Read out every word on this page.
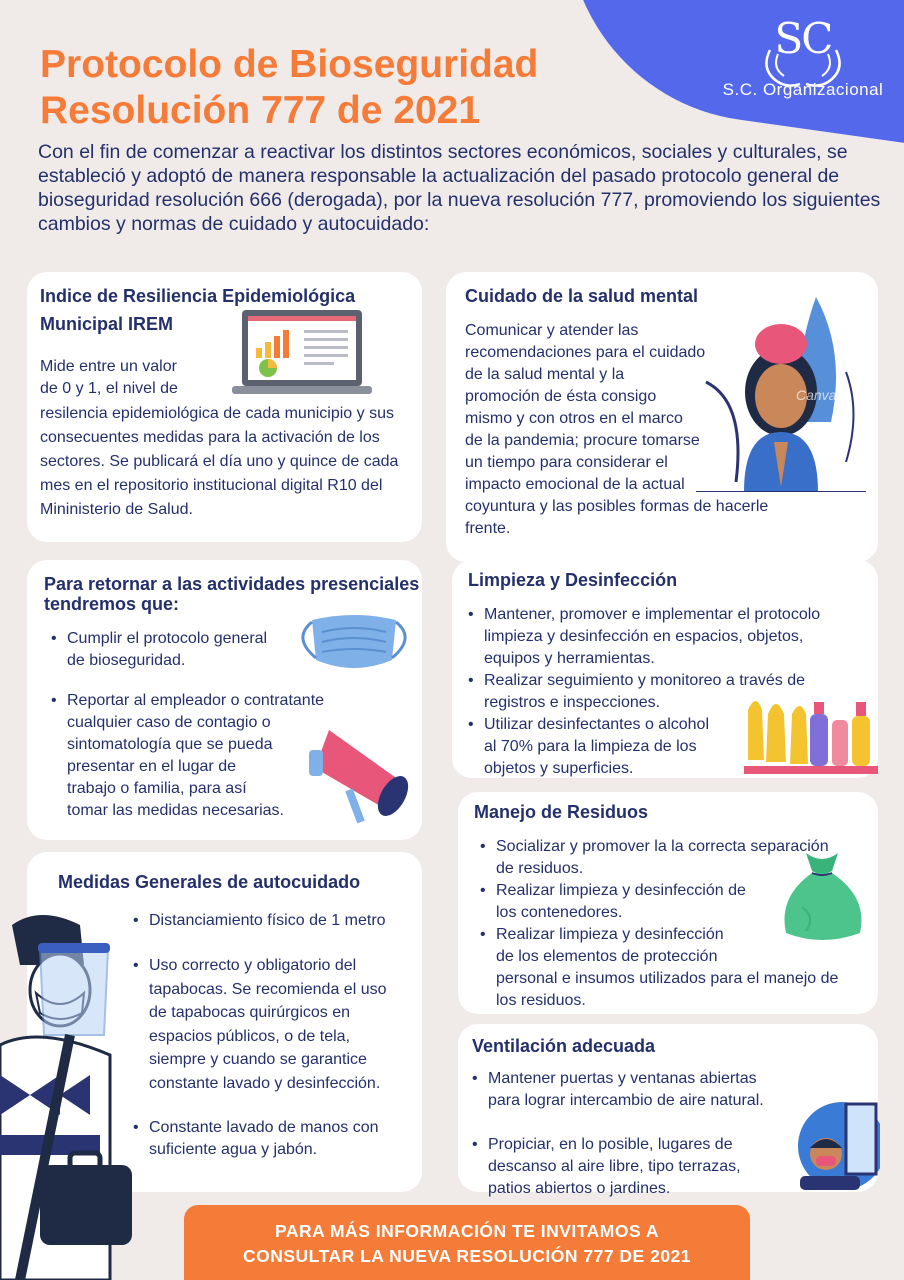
SC
S.C. Organizacional
Protocolo de Bioseguridad
Resolución 777 de 2021

Con el fin de comenzar a reactivar los distintos sectores económicos, sociales y culturales, se estableció y adoptó de manera responsable la actualización del pasado protocolo general de bioseguridad resolución 666 (derogada), por la nueva resolución 777, promoviendo los siguientes cambios y normas de cuidado y autocuidado:

Indice de Resiliencia Epidemiológica
Municipal IREM

Mide entre un valor

de 0 y 1, el nivel de

resilencia epidemiológica de cada municipio y sus consecuentes medidas para la activación de los sectores. Se publicará el día uno y quince de cada mes en el repositorio institucional digital R10 del Mininisterio de Salud.

Cuidado de la salud mental

Comunicar y atender las

recomendaciones para el cuidado

de la salud mental y la

promoción de ésta consigo

mismo y con otros en el marco

de la pandemia; procure tomarse

un tiempo para considerar el

impacto emocional de la actual

coyuntura y las posibles formas de hacerle

frente.

Canva
Para retornar a las actividades presenciales tendremos que:
• Cumplir el protocolo general
de bioseguridad.
• Reportar al empleador o contratante
cualquier caso de contagio o
sintomatología que se pueda
presentar en el lugar de
trabajo o familia, para así
tomar las medidas necesarias.
Limpieza y Desinfección
• Mantener, promover e implementar el protocolo
limpieza y desinfección en espacios, objetos,
equipos y herramientas.
• Realizar seguimiento y monitoreo a través de
registros e inspecciones.
• Utilizar desinfectantes o alcohol
al 70% para la limpieza de los
objetos y superficies.
Manejo de Residuos
• Socializar y promover la la correcta separación
de residuos.
• Realizar limpieza y desinfección de
los contenedores.
• Realizar limpieza y desinfección
de los elementos de protección
personal e insumos utilizados para el manejo de
los residuos.
Medidas Generales de autocuidado
• Distanciamiento físico de 1 metro
• Uso correcto y obligatorio del
tapabocas. Se recomienda el uso
de tapabocas quirúrgicos en
espacios públicos, o de tela,
siempre y cuando se garantice
constante lavado y desinfección.
• Constante lavado de manos con
suficiente agua y jabón.
Ventilación adecuada
• Mantener puertas y ventanas abiertas
para lograr intercambio de aire natural.
• Propiciar, en lo posible, lugares de
descanso al aire libre, tipo terrazas,
patios abiertos o jardines.
PARA MÁS INFORMACIÓN TE INVITAMOS A
CONSULTAR LA NUEVA RESOLUCIÓN 777 DE 2021
